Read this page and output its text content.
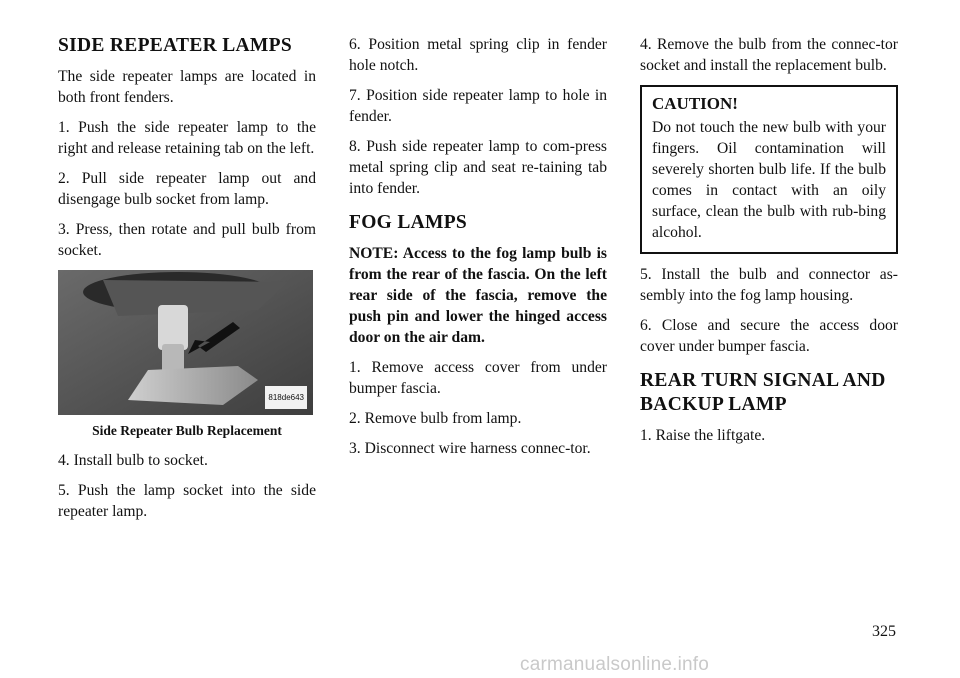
SIDE REPEATER LAMPS

The side repeater lamps are located in both front fenders.

1. Push the side repeater lamp to the right and release retaining tab on the left.

2. Pull side repeater lamp out and disengage bulb socket from lamp.

3. Press, then rotate and pull bulb from socket.

818de643
Side Repeater Bulb Replacement

4. Install bulb to socket.

5. Push the lamp socket into the side repeater lamp.

6. Position metal spring clip in fender hole notch.

7. Position side repeater lamp to hole in fender.

8. Push side repeater lamp to com-press metal spring clip and seat re-taining tab into fender.

FOG LAMPS

NOTE: Access to the fog lamp bulb is from the rear of the fascia. On the left rear side of the fascia, remove the push pin and lower the hinged access door on the air dam.

1. Remove access cover from under bumper fascia.

2. Remove bulb from lamp.

3. Disconnect wire harness connec-tor.

4. Remove the bulb from the connec-tor socket and install the replacement bulb.

CAUTION!

Do not touch the new bulb with your fingers. Oil contamination will severely shorten bulb life. If the bulb comes in contact with an oily surface, clean the bulb with rub-bing alcohol.

5. Install the bulb and connector as-sembly into the fog lamp housing.

6. Close and secure the access door cover under bumper fascia.

REAR TURN SIGNAL AND BACKUP LAMP

1. Raise the liftgate.

325
carmanualsonline.info
